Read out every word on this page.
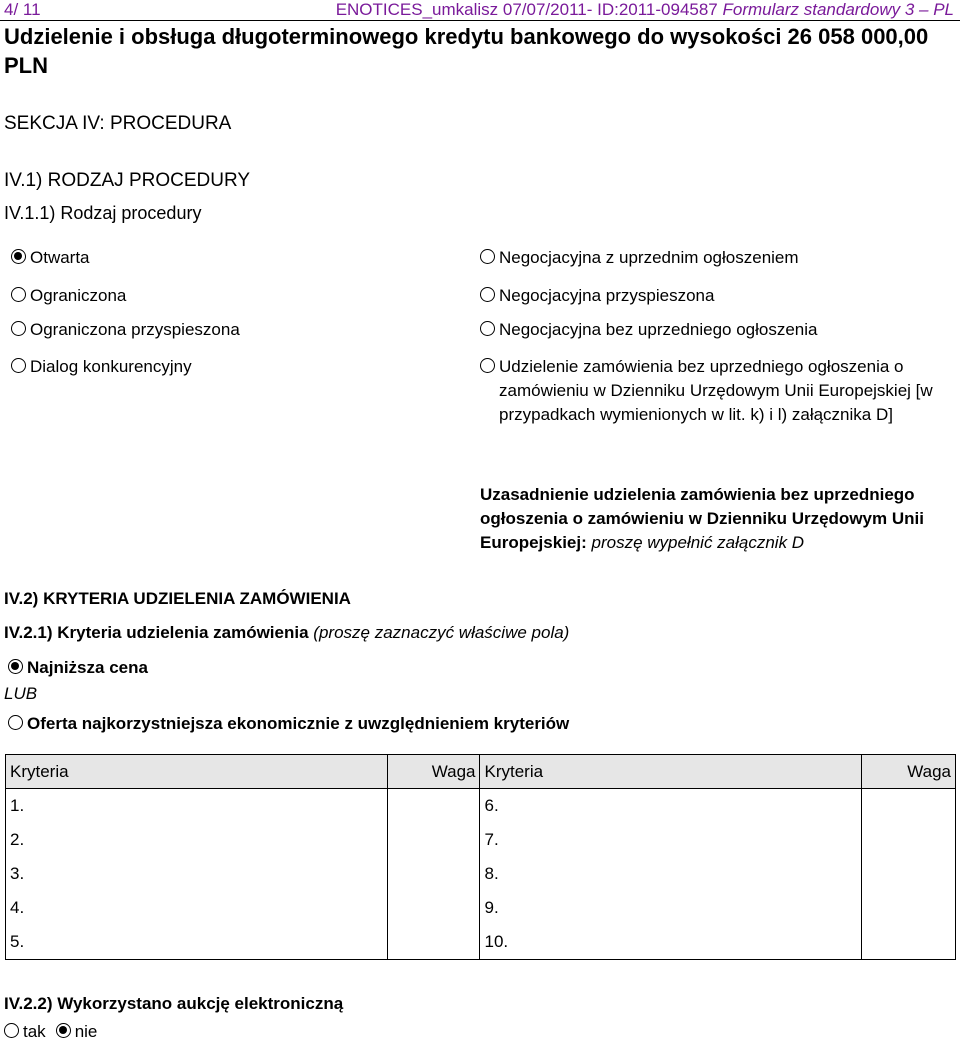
4/ 11	ENOTICES_umkalisz 07/07/2011- ID:2011-094587 Formularz standardowy 3 – PL
Udzielenie i obsługa długoterminowego kredytu bankowego do wysokości 26 058 000,00 PLN
SEKCJA IV: PROCEDURA
IV.1) RODZAJ PROCEDURY
IV.1.1) Rodzaj procedury
Otwarta
Ograniczona
Ograniczona przyspieszona
Dialog konkurencyjny
Negocjacyjna z uprzednim ogłoszeniem
Negocjacyjna przyspieszona
Negocjacyjna bez uprzedniego ogłoszenia
Udzielenie zamówienia bez uprzedniego ogłoszenia o zamówieniu w Dzienniku Urzędowym Unii Europejskiej [w przypadkach wymienionych w lit. k) i l) załącznika D]
Uzasadnienie udzielenia zamówienia bez uprzedniego ogłoszenia o zamówieniu w Dzienniku Urzędowym Unii Europejskiej: proszę wypełnić załącznik D
IV.2) KRYTERIA UDZIELENIA ZAMÓWIENIA
IV.2.1) Kryteria udzielenia zamówienia (proszę zaznaczyć właściwe pola)
Najniższa cena
LUB
Oferta najkorzystniejsza ekonomicznie z uwzględnieniem kryteriów
Kryteria	Waga	Kryteria	Waga
1.		6.	
2.		7.	
3.		8.	
4.		9.	
5.		10.	
IV.2.2) Wykorzystano aukcję elektroniczną
tak nie
